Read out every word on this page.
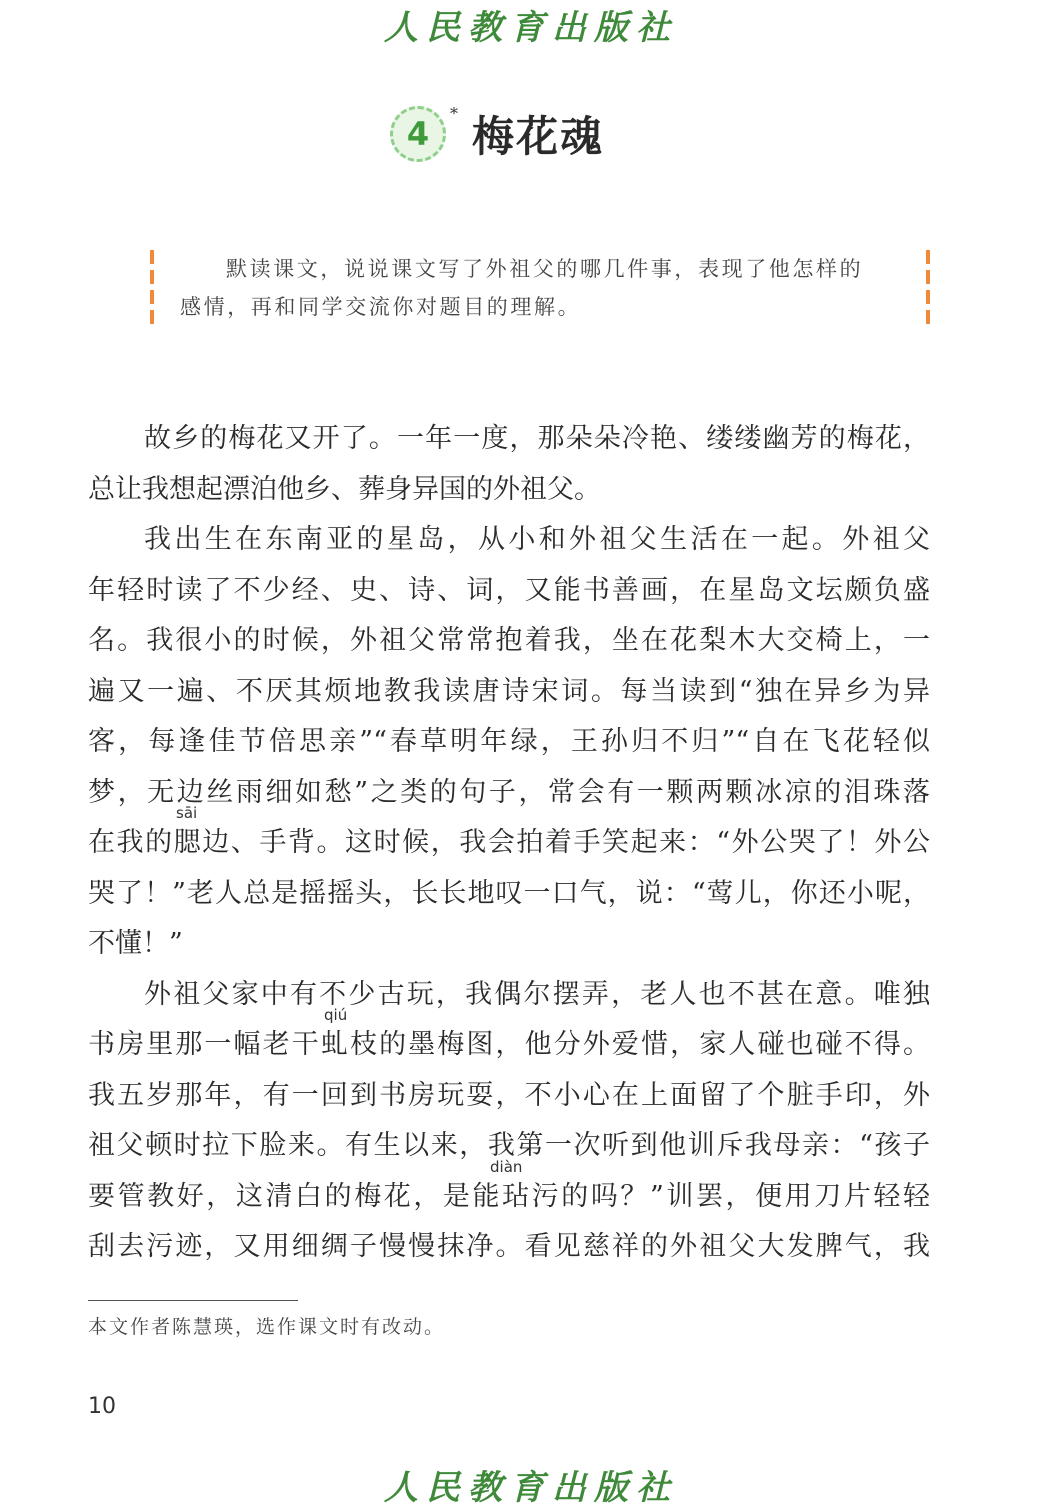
人民教育出版社
4
* 梅花魂
默读课文，说说课文写了外祖父的哪几件事，表现了他怎样的
感情，再和同学交流你对题目的理解。
故乡的梅花又开了。一年一度，那朵朵冷艳、缕缕幽芳的梅花，
总让我想起漂泊他乡、葬身异国的外祖父。
我出生在东南亚的星岛，从小和外祖父生活在一起。外祖父
年轻时读了不少经、史、诗、词，又能书善画，在星岛文坛颇负盛
名。我很小的时候，外祖父常常抱着我，坐在花梨木大交椅上，一
遍又一遍、不厌其烦地教我读唐诗宋词。每当读到“独在异乡为异
客，每逢佳节倍思亲”“春草明年绿，王孙归不归”“自在飞花轻似
梦，无边丝雨细如愁”之类的句子，常会有一颗两颗冰凉的泪珠落
sāi
在我的腮边、手背。这时候，我会拍着手笑起来：“外公哭了！外公
哭了！”老人总是摇摇头，长长地叹一口气，说：“莺儿，你还小呢，
不懂！”
外祖父家中有不少古玩，我偶尔摆弄，老人也不甚在意。唯独
qiú
书房里那一幅老干虬枝的墨梅图，他分外爱惜，家人碰也碰不得。
我五岁那年，有一回到书房玩耍，不小心在上面留了个脏手印，外
祖父顿时拉下脸来。有生以来，我第一次听到他训斥我母亲：“孩子
diàn
要管教好，这清白的梅花，是能玷污的吗？”训罢，便用刀片轻轻
刮去污迹，又用细绸子慢慢抹净。看见慈祥的外祖父大发脾气，我
本文作者陈慧瑛，选作课文时有改动。
10
人民教育出版社
